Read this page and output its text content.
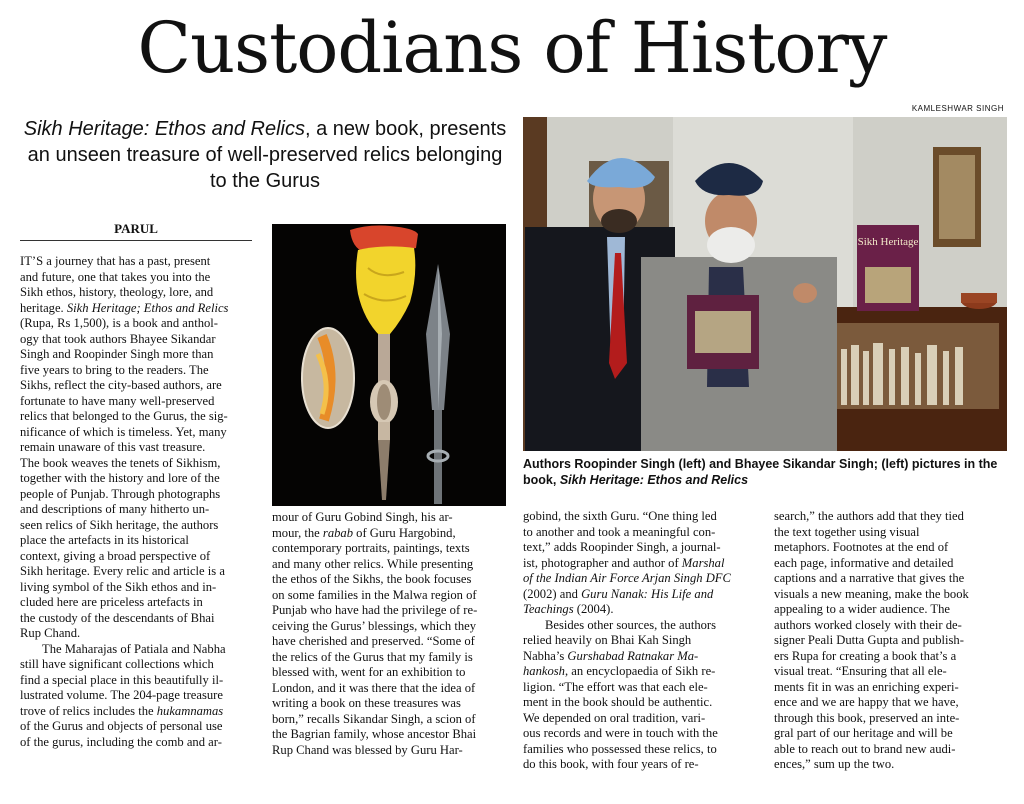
Custodians of History
KAMLESHWAR SINGH
Sikh Heritage: Ethos and Relics, a new book, presents an unseen treasure of well-preserved relics belonging to the Gurus
PARUL

IT’S a journey that has a past, present
and future, one that takes you into the
Sikh ethos, history, theology, lore, and
heritage. Sikh Heritage; Ethos and Relics
(Rupa, Rs 1,500), is a book and anthol-
ogy that took authors Bhayee Sikandar
Singh and Roopinder Singh more than
five years to bring to the readers. The
Sikhs, reflect the city-based authors, are
fortunate to have many well-preserved
relics that belonged to the Gurus, the sig-
nificance of which is timeless. Yet, many
remain unaware of this vast treasure.
The book weaves the tenets of Sikhism,
together with the history and lore of the
people of Punjab. Through photographs
and descriptions of many hitherto un-
seen relics of Sikh heritage, the authors
place the artefacts in its historical
context, giving a broad perspective of
Sikh heritage. Every relic and article is a
living symbol of the Sikh ethos and in-
cluded here are priceless artefacts in
the custody of the descendants of Bhai
Rup Chand.

The Maharajas of Patiala and Nabha
still have significant collections which
find a special place in this beautifully il-
lustrated volume. The 204-page treasure
trove of relics includes the hukamnamas
of the Gurus and objects of personal use
of the gurus, including the comb and ar-

Sikh Heritage
Authors Roopinder Singh (left) and Bhayee Sikandar Singh; (left) pictures in the book, Sikh Heritage: Ethos and Relics

mour of Guru Gobind Singh, his ar-
mour, the rabab of Guru Hargobind,
contemporary portraits, paintings, texts
and many other relics. While presenting
the ethos of the Sikhs, the book focuses
on some families in the Malwa region of
Punjab who have had the privilege of re-
ceiving the Gurus’ blessings, which they
have cherished and preserved. “Some of
the relics of the Gurus that my family is
blessed with, went for an exhibition to
London, and it was there that the idea of
writing a book on these treasures was
born,” recalls Sikandar Singh, a scion of
the Bagrian family, whose ancestor Bhai
Rup Chand was blessed by Guru Har-

gobind, the sixth Guru. “One thing led
to another and took a meaningful con-
text,” adds Roopinder Singh, a journal-
ist, photographer and author of Marshal
of the Indian Air Force Arjan Singh DFC
(2002) and Guru Nanak: His Life and
Teachings (2004).

Besides other sources, the authors
relied heavily on Bhai Kah Singh
Nabha’s Gurshabad Ratnakar Ma-
hankosh, an encyclopaedia of Sikh re-
ligion. “The effort was that each ele-
ment in the book should be authentic.
We depended on oral tradition, vari-
ous records and were in touch with the
families who possessed these relics, to
do this book, with four years of re-

search,” the authors add that they tied
the text together using visual
metaphors. Footnotes at the end of
each page, informative and detailed
captions and a narrative that gives the
visuals a new meaning, make the book
appealing to a wider audience. The
authors worked closely with their de-
signer Peali Dutta Gupta and publish-
ers Rupa for creating a book that’s a
visual treat. “Ensuring that all ele-
ments fit in was an enriching experi-
ence and we are happy that we have,
through this book, preserved an inte-
gral part of our heritage and will be
able to reach out to brand new audi-
ences,” sum up the two.
